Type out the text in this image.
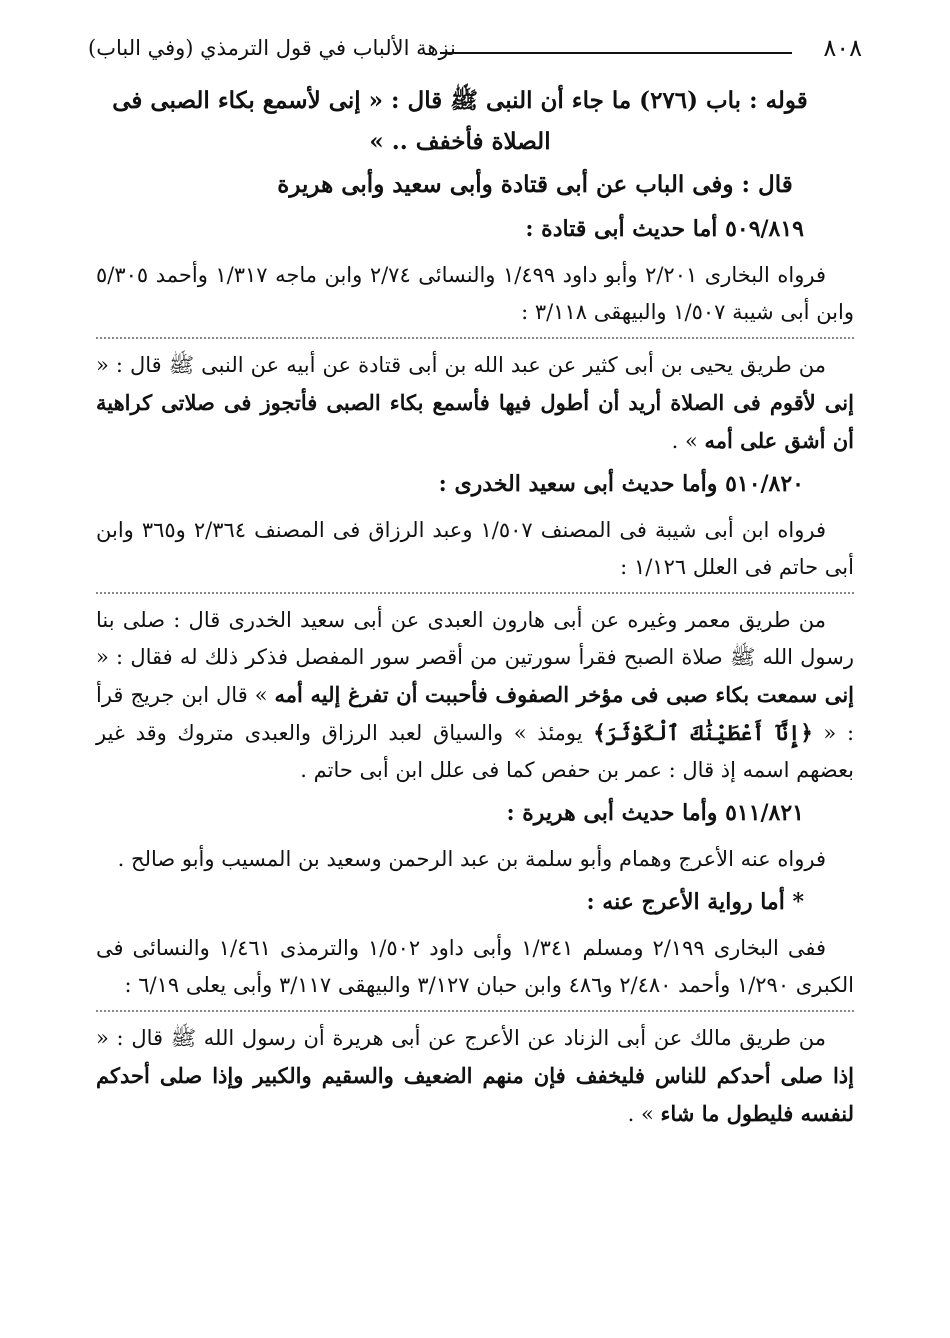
٨٠٨
نزهة الألباب في قول الترمذي (وفي الباب)

قوله : باب (٢٧٦) ما جاء أن النبى ﷺ قال : « إنى لأسمع بكاء الصبى فى الصلاة فأخفف .. »

قال : وفى الباب عن أبى قتادة وأبى سعيد وأبى هريرة

٥٠٩/٨١٩ أما حديث أبى قتادة :

فرواه البخارى ٢/٢٠١ وأبو داود ١/٤٩٩ والنسائى ٢/٧٤ وابن ماجه ١/٣١٧ وأحمد ٥/٣٠٥ وابن أبى شيبة ١/٥٠٧ والبيهقى ٣/١١٨ :

من طريق يحيى بن أبى كثير عن عبد الله بن أبى قتادة عن أبيه عن النبى ﷺ قال : « إنى لأقوم فى الصلاة أريد أن أطول فيها فأسمع بكاء الصبى فأتجوز فى صلاتى كراهية أن أشق على أمه » .

٥١٠/٨٢٠ وأما حديث أبى سعيد الخدرى :

فرواه ابن أبى شيبة فى المصنف ١/٥٠٧ وعبد الرزاق فى المصنف ٢/٣٦٤ و٣٦٥ وابن أبى حاتم فى العلل ١/١٢٦ :

من طريق معمر وغيره عن أبى هارون العبدى عن أبى سعيد الخدرى قال : صلى بنا رسول الله ﷺ صلاة الصبح فقرأ سورتين من أقصر سور المفصل فذكر ذلك له فقال : « إنى سمعت بكاء صبى فى مؤخر الصفوف فأحببت أن تفرغ إليه أمه » قال ابن جريج قرأ : « ﴿إِنَّآ أَعْطَيْنَٰكَ ٱلْكَوْثَرَ﴾ يومئذ » والسياق لعبد الرزاق والعبدى متروك وقد غير بعضهم اسمه إذ قال : عمر بن حفص كما فى علل ابن أبى حاتم .

٥١١/٨٢١ وأما حديث أبى هريرة :

فرواه عنه الأعرج وهمام وأبو سلمة بن عبد الرحمن وسعيد بن المسيب وأبو صالح .

* أما رواية الأعرج عنه :

ففى البخارى ٢/١٩٩ ومسلم ١/٣٤١ وأبى داود ١/٥٠٢ والترمذى ١/٤٦١ والنسائى فى الكبرى ١/٢٩٠ وأحمد ٢/٤٨٠ و٤٨٦ وابن حبان ٣/١٢٧ والبيهقى ٣/١١٧ وأبى يعلى ٦/١٩ :

من طريق مالك عن أبى الزناد عن الأعرج عن أبى هريرة أن رسول الله ﷺ قال : « إذا صلى أحدكم للناس فليخفف فإن منهم الضعيف والسقيم والكبير وإذا صلى أحدكم لنفسه فليطول ما شاء » .
